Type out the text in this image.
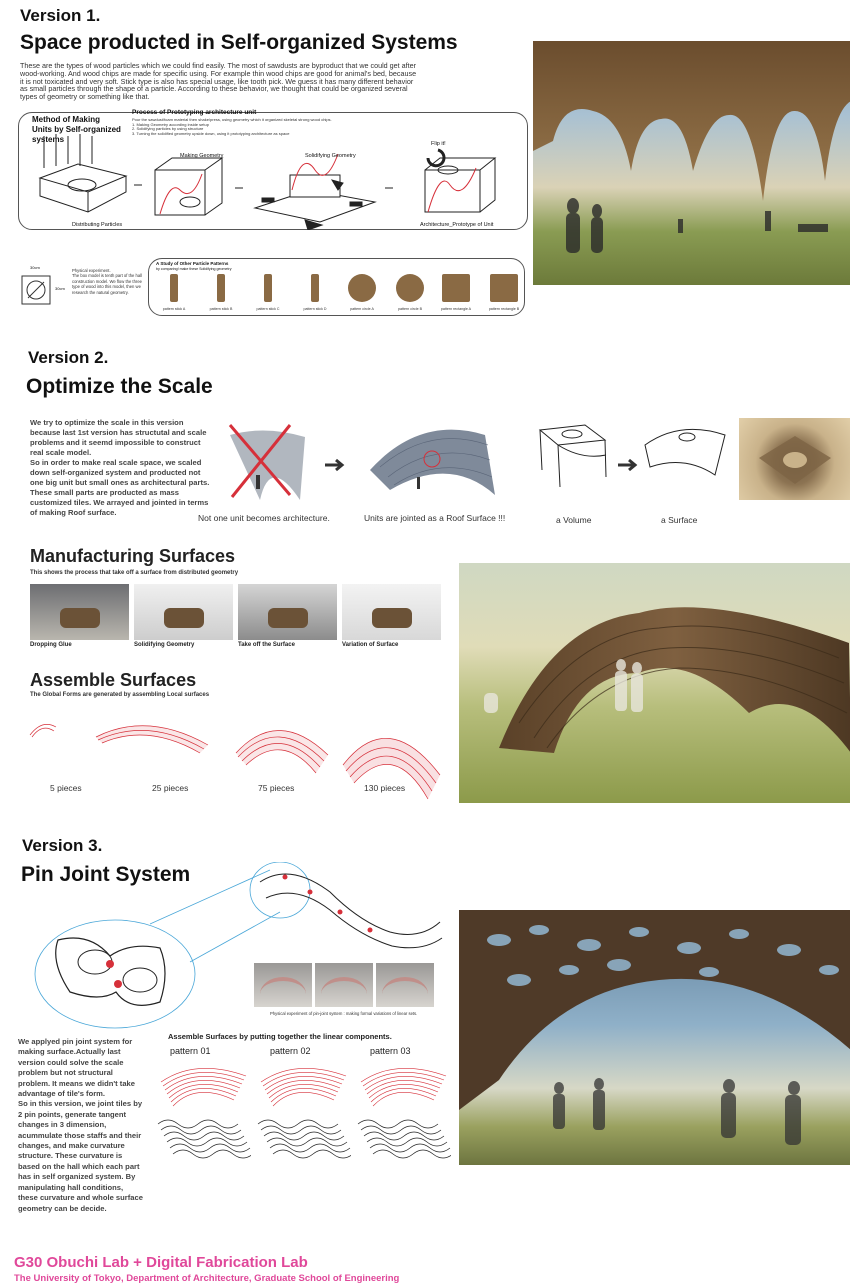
Version 1.
Space producted in Self-organized Systems
These are the types of wood particles which we could find easily. The most of sawdusts are byproduct that we could get after wood-working. And wood chips are made for specific using. For example thin wood chips are good for animal's bed, because it is not toxicated and very soft. Stick type is also has special usage, like tooth pick. We guess it has many different behavior as small particles through the shape of a particle. According to these behavior, we thought that could be organized several types of geometry or something like that.
Method of Making Units by Self-organized systems
Process of Prototyping architecture unit
Pour the sawdust/foam material then shake/press, using geometry which it organized skeletal strong wood chips.
1. Making Geometry according inside setup
2. Solidifying particles by using structure
3. Turning the solidified geometry upside down, using it prototyping architecture as space
Distributing Particles
Making Geometry	Solidifying Geometry
Flip it!
Architecture_Prototype of Unit
30cm
30cm
Physical experiment.
The box model is tenth part of the hall construction model. We flow the three type of wood into this model, then we research the natural geometry.
A Study of Other Particle Patterns
by comparing! make these Solidifying geometry
pattern stick A	pattern stick B	pattern stick C	pattern stick D	pattern circle A	pattern circle B	pattern rectangle A	pattern rectangle B
Version 2.
Optimize the Scale
We try to optimize the scale in this version because last 1st version has structutal and scale problems and it seemd impossible to construct real scale model.
So in order to make real scale space, we scaled down self-organized system and producted not one big unit but small ones as architectural parts. These small parts are producted as mass customized tiles. We arrayed and jointed in terms of making Roof surface.
Not one unit becomes architecture.	Units are jointed as a Roof Surface !!!	a Volume	a Surface
Manufacturing Surfaces
This shows the process that take off a surface from distributed geometry
Dropping Glue	Solidifying Geometry	Take off the Surface	Variation of Surface
Assemble Surfaces
The Global Forms are generated by assembling Local surfaces
5 pieces	25 pieces	75 pieces	130 pieces
Version 3.
Pin Joint System
Physical experiment of pin-joint system : making formal variations of linear sets.
We applyed pin joint system for making surface.Actually last version could solve the scale problem but not structural problem. It means we didn't take advantage of tile's form.
So in this version, we joint tiles by 2 pin points, generate tangent changes in 3 dimension, acummulate those staffs and their changes, and make curvature structure. These curvature is based on the hall which each part has in self organized system. By manipulating hall conditions, these curvature and whole surface geometry can be decide.
Assemble Surfaces by putting together the linear components.
pattern 01	pattern 02	pattern 03
G30 Obuchi Lab + Digital Fabrication Lab
The University of Tokyo, Department of Architecture, Graduate School of Engineering
